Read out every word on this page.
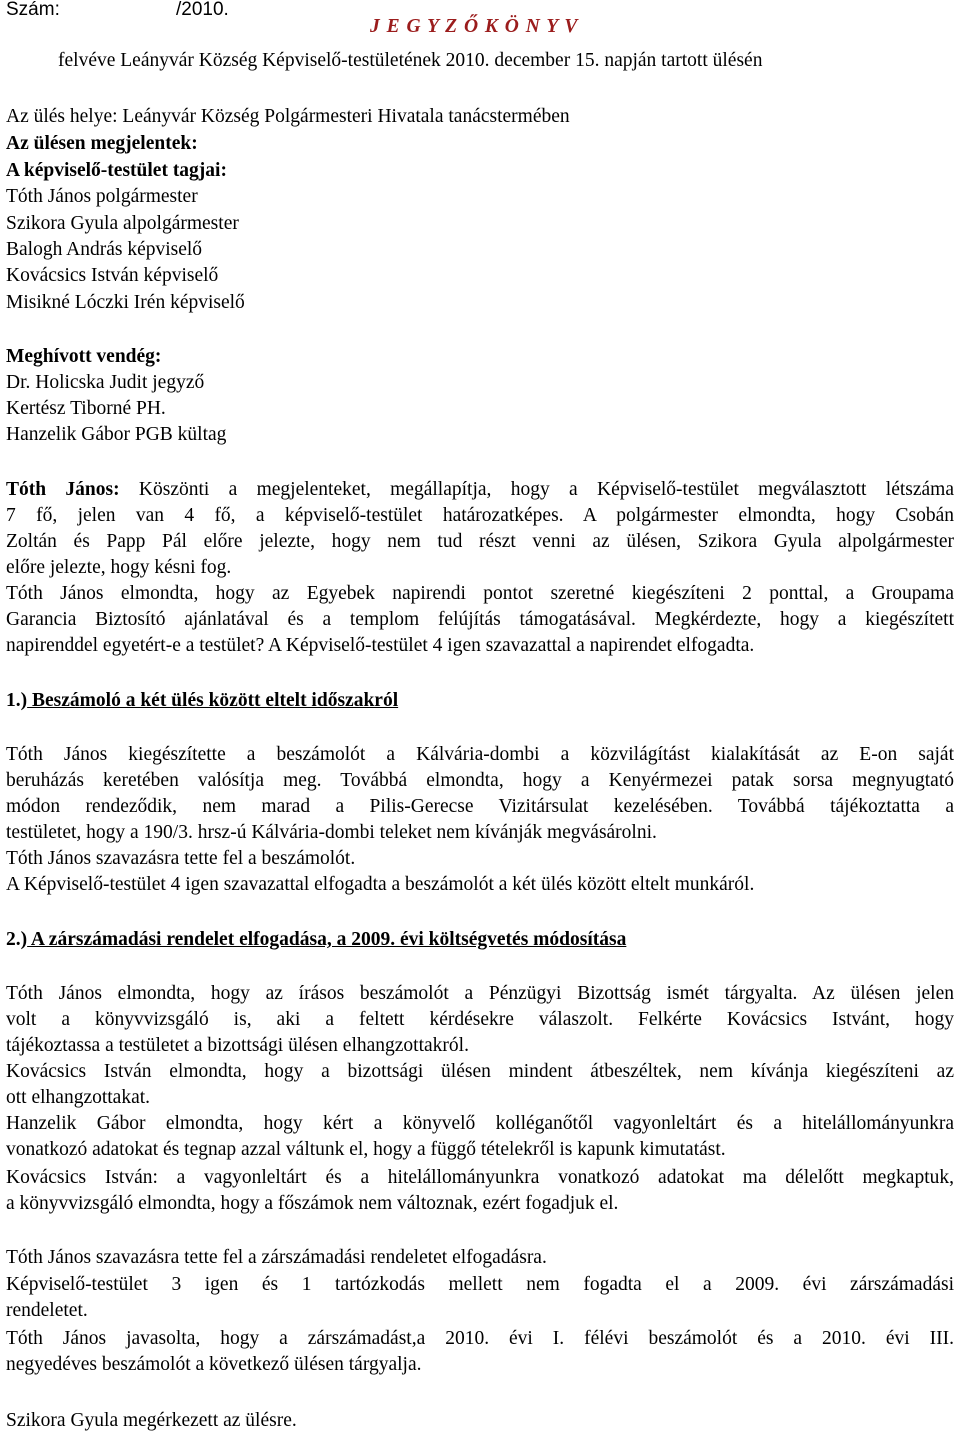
Szám:	/2010.
J E G Y Z Ő K Ö N Y V
felvéve Leányvár Község Képviselő-testületének 2010. december 15. napján tartott ülésén
Az ülés helye: Leányvár Község Polgármesteri Hivatala tanácstermében
Az ülésen megjelentek:
A képviselő-testület tagjai:
Tóth János polgármester
Szikora Gyula alpolgármester
Balogh András képviselő
Kovácsics István képviselő
Misikné Lóczki Irén képviselő
Meghívott vendég:
Dr. Holicska Judit jegyző
Kertész Tiborné PH.
Hanzelik Gábor PGB kültag
Tóth János: Köszönti a megjelenteket, megállapítja, hogy a Képviselő-testület megválasztott létszáma
7 fő, jelen van 4 fő, a képviselő-testület határozatképes. A polgármester elmondta, hogy Csobán
Zoltán és Papp Pál előre jelezte, hogy nem tud részt venni az ülésen, Szikora Gyula alpolgármester
előre jelezte, hogy késni fog.
Tóth János elmondta, hogy az Egyebek napirendi pontot szeretné kiegészíteni 2 ponttal, a Groupama
Garancia Biztosító ajánlatával és a templom felújítás támogatásával. Megkérdezte, hogy a kiegészített
napirenddel egyetért-e a testület? A Képviselő-testület 4 igen szavazattal a napirendet elfogadta.
1.) Beszámoló a két ülés között eltelt időszakról
Tóth János kiegészítette a beszámolót a Kálvária-dombi a közvilágítást kialakítását az E-on saját
beruházás keretében valósítja meg. Továbbá elmondta, hogy a Kenyérmezei patak sorsa megnyugtató
módon rendeződik, nem marad a Pilis-Gerecse Vizitársulat kezelésében. Továbbá tájékoztatta a
testületet, hogy a 190/3. hrsz-ú Kálvária-dombi teleket nem kívánják megvásárolni.
Tóth János szavazásra tette fel a beszámolót.
A Képviselő-testület 4 igen szavazattal elfogadta a beszámolót a két ülés között eltelt munkáról.
2.) A zárszámadási rendelet elfogadása, a 2009. évi költségvetés módosítása
Tóth János elmondta, hogy az írásos beszámolót a Pénzügyi Bizottság ismét tárgyalta. Az ülésen jelen
volt a könyvvizsgáló is, aki a feltett kérdésekre válaszolt. Felkérte Kovácsics Istvánt, hogy
tájékoztassa a testületet a bizottsági ülésen elhangzottakról.
Kovácsics István elmondta, hogy a bizottsági ülésen mindent átbeszéltek, nem kívánja kiegészíteni az
ott elhangzottakat.
Hanzelik Gábor elmondta, hogy kért a könyvelő kolléganőtől vagyonleltárt és a hitelállományunkra
vonatkozó adatokat és tegnap azzal váltunk el, hogy a függő tételekről is kapunk kimutatást.
Kovácsics István: a vagyonleltárt és a hitelállományunkra vonatkozó adatokat ma délelőtt megkaptuk,
a könyvvizsgáló elmondta, hogy a főszámok nem változnak, ezért fogadjuk el.
Tóth János szavazásra tette fel a zárszámadási rendeletet elfogadásra.
Képviselő-testület 3 igen és 1 tartózkodás mellett nem fogadta el a 2009. évi zárszámadási
rendeletet.
Tóth János javasolta, hogy a zárszámadást,a 2010. évi I. félévi beszámolót és a 2010. évi III.
negyedéves beszámolót a következő ülésen tárgyalja.
Szikora Gyula megérkezett az ülésre.
